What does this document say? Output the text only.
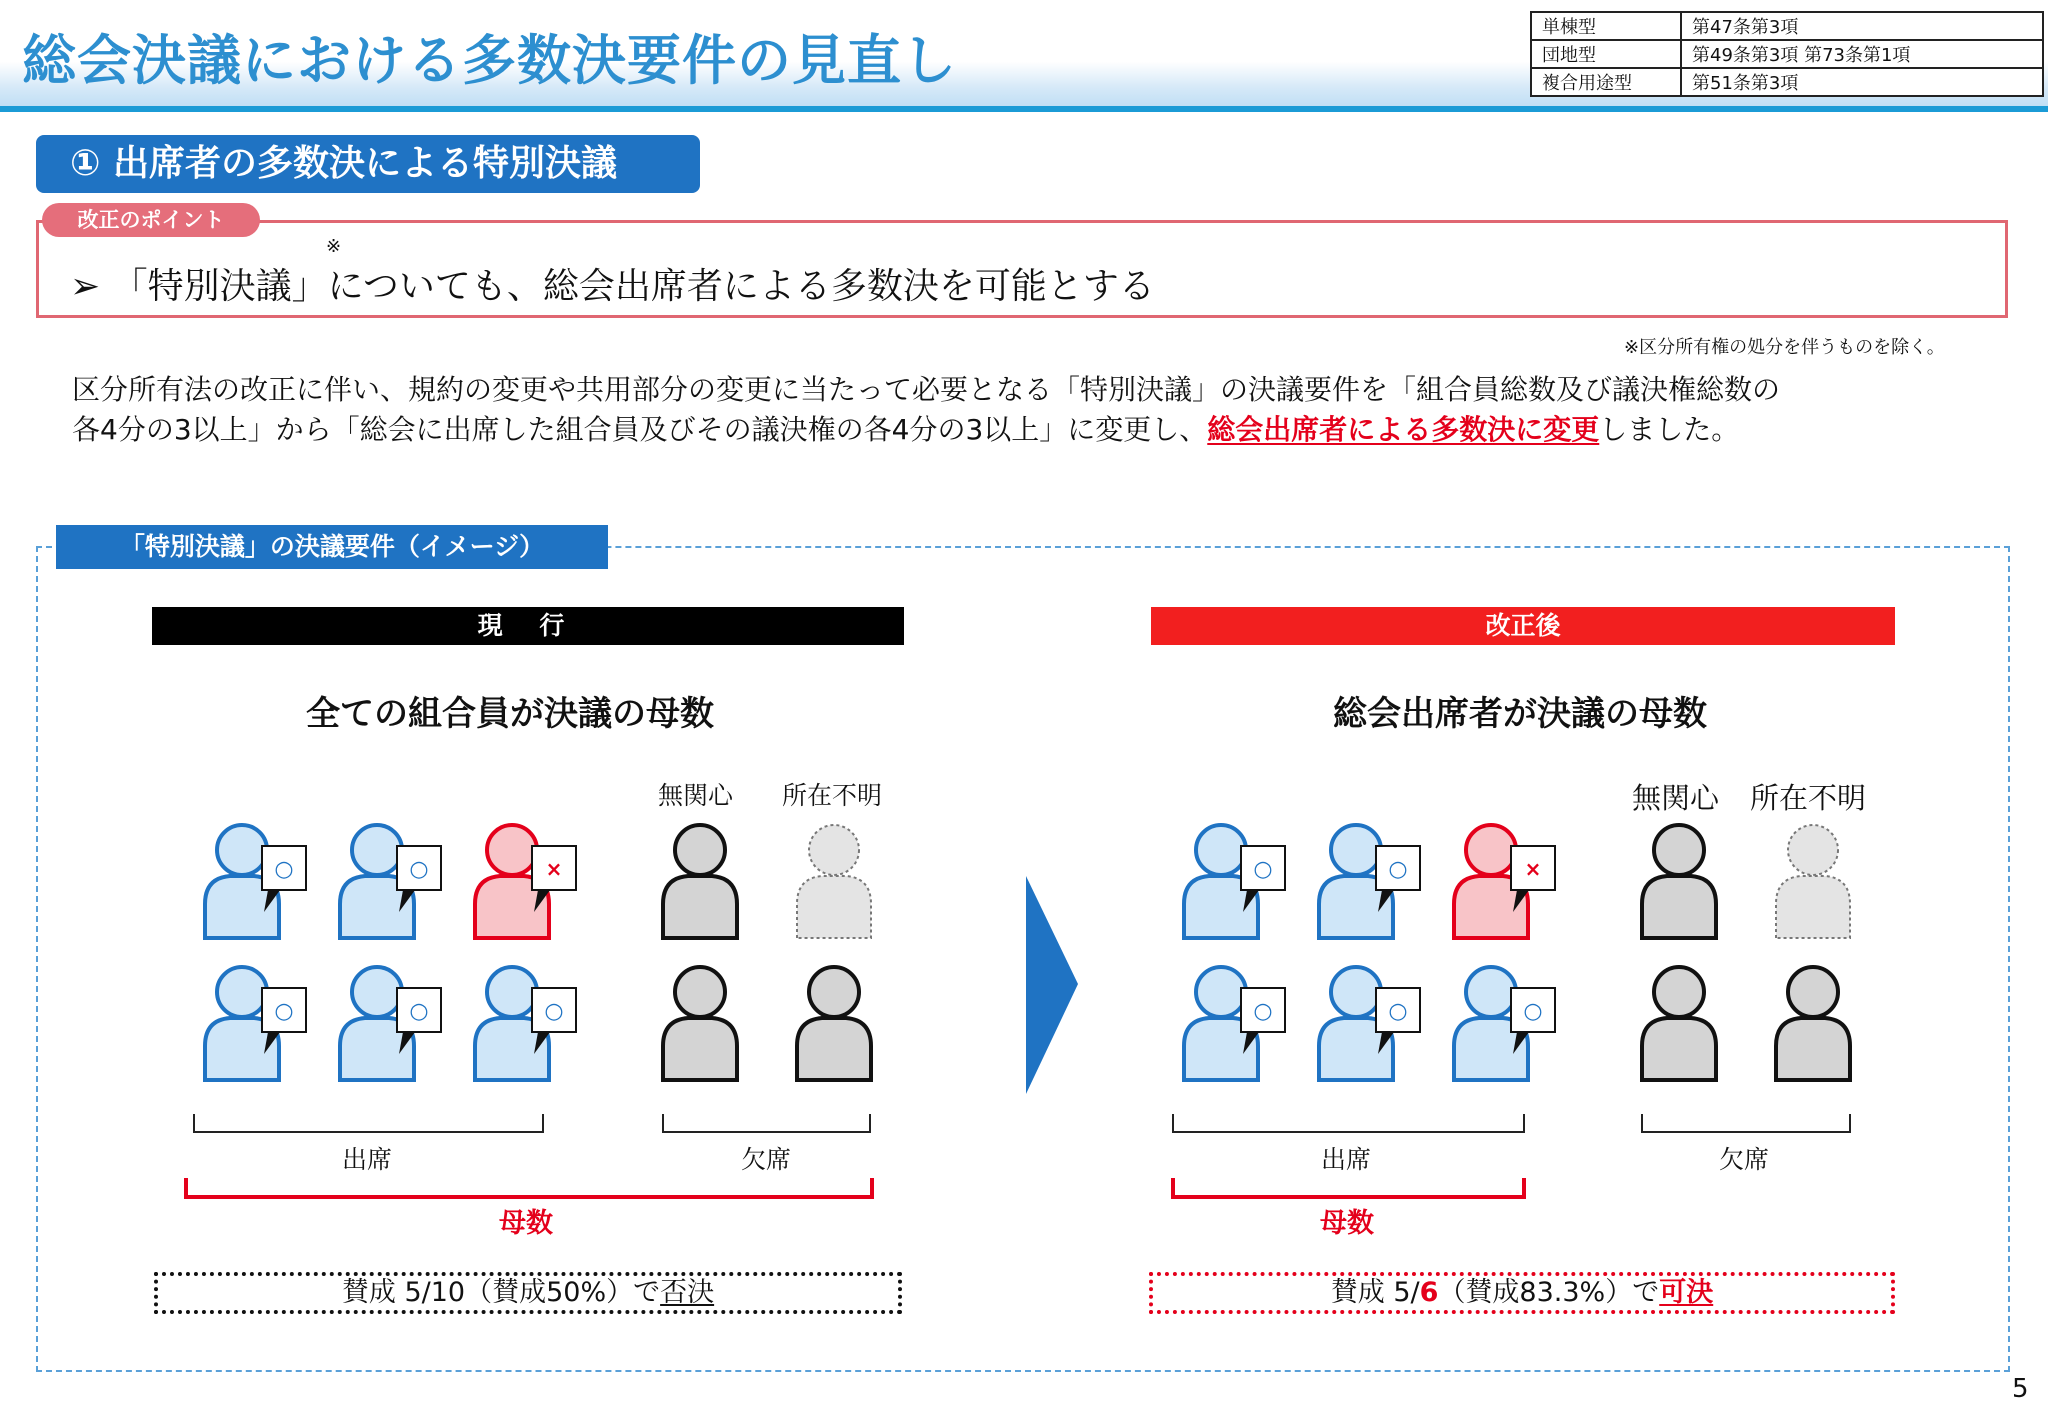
総会決議における多数決要件の見直し
単棟型	第47条第3項
団地型	第49条第3項 第73条第1項
複合用途型	第51条第3項
① 出席者の多数決による特別決議
改正のポイント
※
➢ 「特別決議」についても、総会出席者による多数決を可能とする
※区分所有権の処分を伴うものを除く。
区分所有法の改正に伴い、規約の変更や共用部分の変更に当たって必要となる「特別決議」の決議要件を「組合員総数及び議決権総数の
各4分の3以上」から「総会に出席した組合員及びその議決権の各4分の3以上」に変更し、総会出席者による多数決に変更しました。
「特別決議」の決議要件（イメージ）
現 行	改正後
全ての組合員が決議の母数	総会出席者が決議の母数
無関心 所在不明	無関心 所在不明
○	○	×
○	○	○
○	○	×
○	○	○
出席	欠席	出席	欠席
母数	母数
賛成 5/10（賛成50%）で否決	賛成 5/6（賛成83.3%）で可決
5
